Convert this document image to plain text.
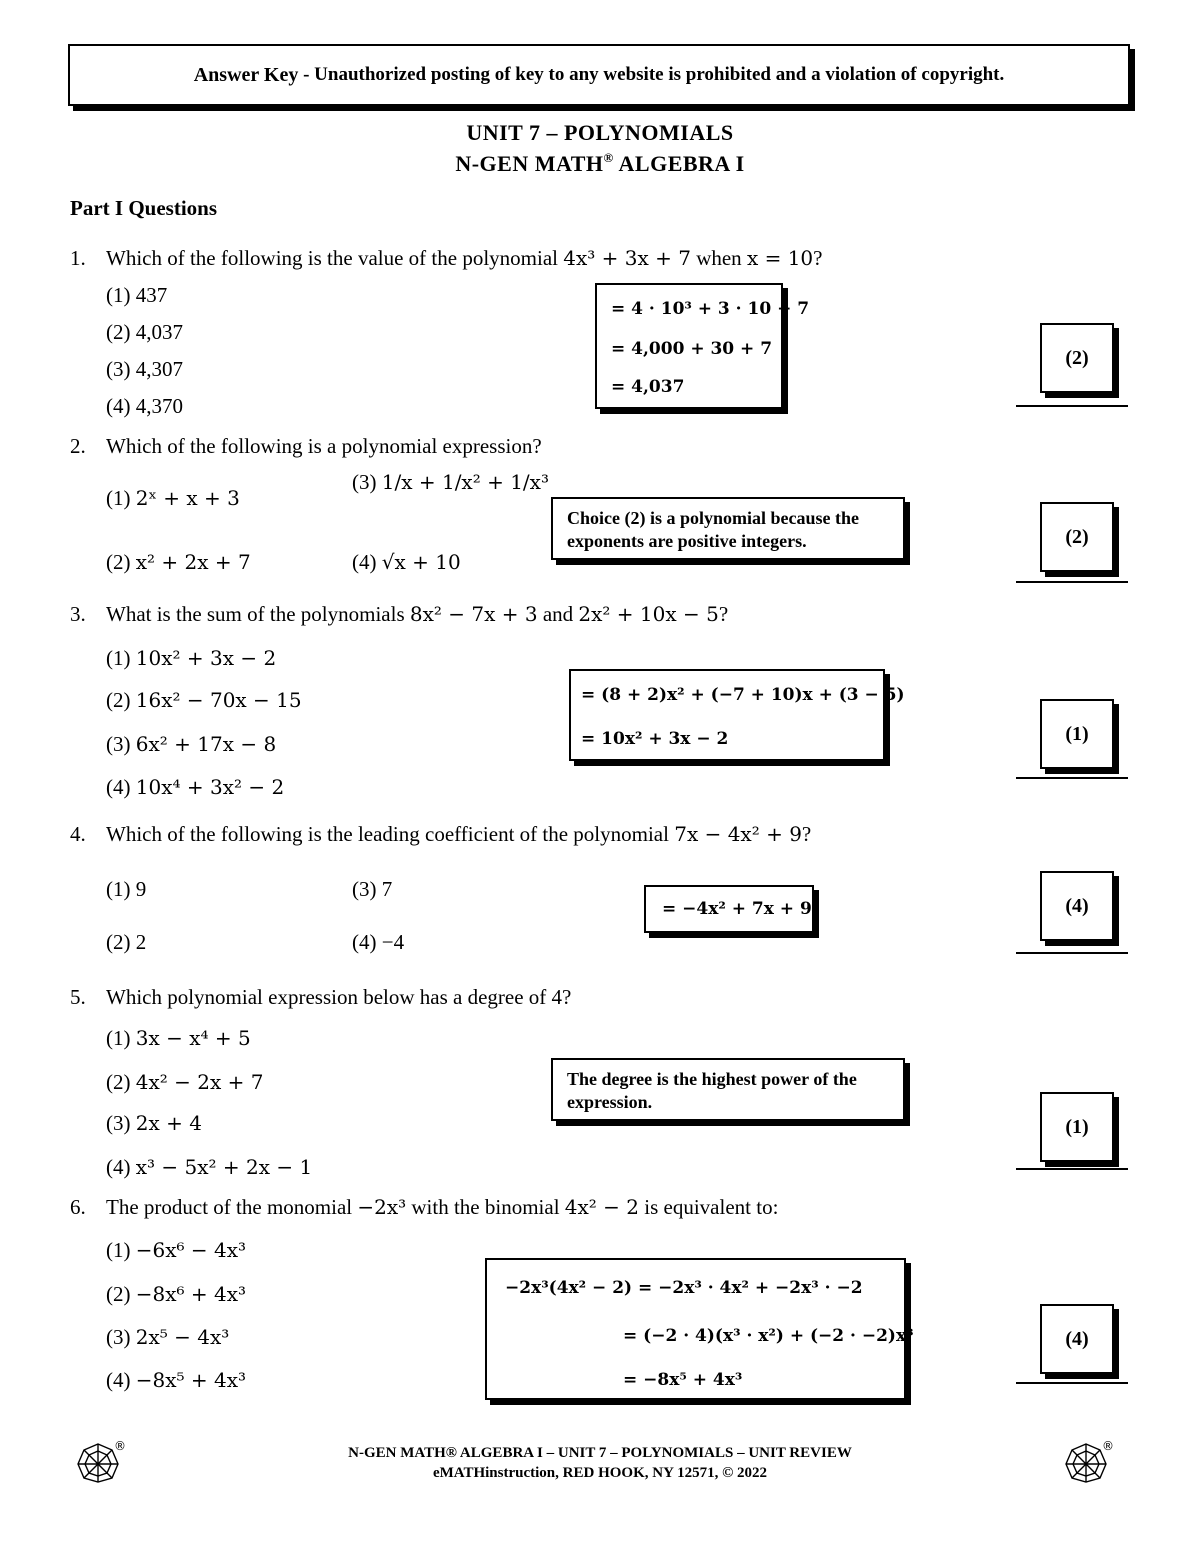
Answer Key
- Unauthorized posting of key to any website is prohibited and a violation of copyright.
UNIT 7 – POLYNOMIALS
N-GEN MATH® ALGEBRA I
Part I Questions
1. Which of the following is the value of the polynomial 4x³ + 3x + 7 when x = 10?
(1) 437
(2) 4,037
(3) 4,307
(4) 4,370
= 4 · 10³ + 3 · 10 + 7
= 4,000 + 30 + 7
= 4,037
(2)
2. Which of the following is a polynomial expression?
(1) 2ˣ + x + 3
(2) x² + 2x + 7
(3) 1/x + 1/x² + 1/x³
(4) √x + 10
Choice (2) is a polynomial because the exponents are positive integers.	(2)
3. What is the sum of the polynomials 8x² − 7x + 3 and 2x² + 10x − 5?
(1) 10x² + 3x − 2
(2) 16x² − 70x − 15
(3) 6x² + 17x − 8
(4) 10x⁴ + 3x² − 2
= (8 + 2)x² + (−7 + 10)x + (3 − 5)
= 10x² + 3x − 2	(1)
4. Which of the following is the leading coefficient of the polynomial 7x − 4x² + 9?
(1) 9
(2) 2
(3) 7
(4) −4
= −4x² + 7x + 9	(4)
5. Which polynomial expression below has a degree of 4?
(1) 3x − x⁴ + 5
(2) 4x² − 2x + 7
(3) 2x + 4
(4) x³ − 5x² + 2x − 1
The degree is the highest power of the expression.
(1)
6. The product of the monomial −2x³ with the binomial 4x² − 2 is equivalent to:
(1) −6x⁶ − 4x³
(2) −8x⁶ + 4x³
(3) 2x⁵ − 4x³
(4) −8x⁵ + 4x³
−2x³(4x² − 2) = −2x³ · 4x² + −2x³ · −2
= (−2 · 4)(x³ · x²) + (−2 · −2)x³
= −8x⁵ + 4x³
(4)
N-GEN MATH® ALGEBRA I – UNIT 7 – POLYNOMIALS – UNIT REVIEW
eMATHinstruction, RED HOOK, NY 12571, © 2022
®	®
